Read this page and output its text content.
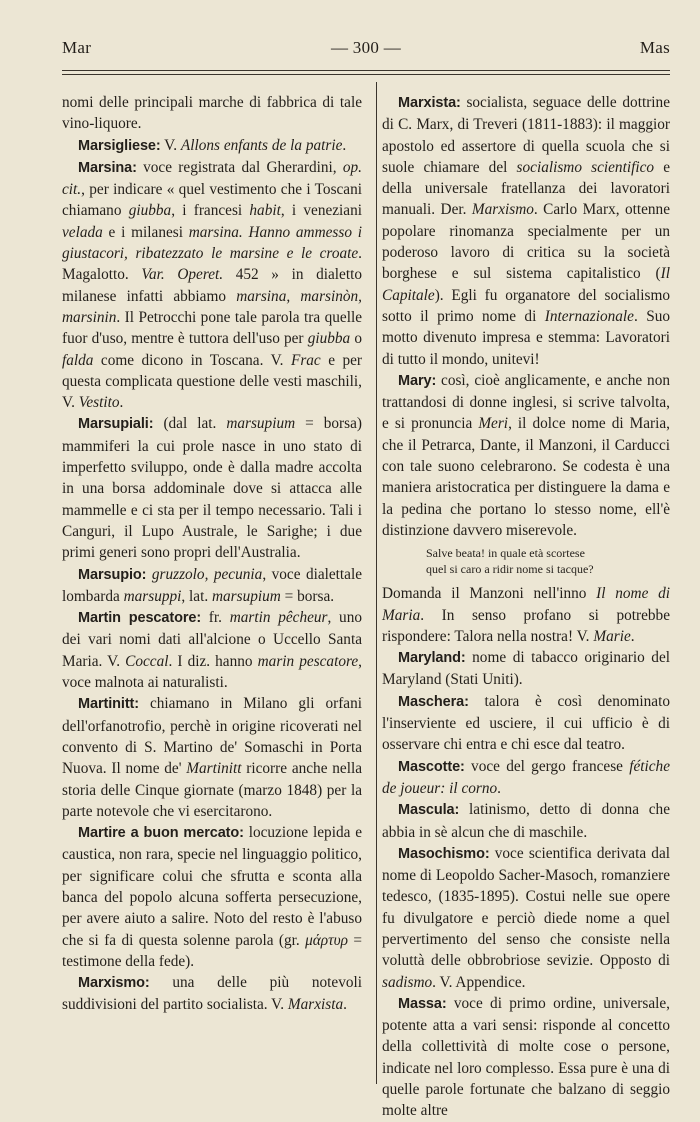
Mar	— 300 —	Mas

nomi delle principali marche di fabbrica di tale vino-liquore.

Marsigliese: V. Allons enfants de la patrie.

Marsina: voce registrata dal Gherardini, op. cit., per indicare « quel vestimento che i Toscani chiamano giubba, i francesi habit, i veneziani velada e i milanesi marsina. Hanno ammesso i giustacori, ribatezzato le marsine e le croate. Magalotto. Var. Operet. 452 » in dialetto milanese infatti abbiamo marsina, marsinòn, marsinin. Il Petrocchi pone tale parola tra quelle fuor d'uso, mentre è tuttora dell'uso per giubba o falda come dicono in Toscana. V. Frac e per questa complicata questione delle vesti maschili, V. Vestito.

Marsupiali: (dal lat. marsupium = borsa) mammiferi la cui prole nasce in uno stato di imperfetto sviluppo, onde è dalla madre accolta in una borsa addominale dove si attacca alle mammelle e ci sta per il tempo necessario. Tali i Canguri, il Lupo Australe, le Sarighe; i due primi generi sono propri dell'Australia.

Marsupio: gruzzolo, pecunia, voce dialettale lombarda marsuppi, lat. marsupium = borsa.

Martin pescatore: fr. martin pêcheur, uno dei vari nomi dati all'alcione o Uccello Santa Maria. V. Coccal. I diz. hanno marin pescatore, voce malnota ai naturalisti.

Martinitt: chiamano in Milano gli orfani dell'orfanotrofio, perchè in origine ricoverati nel convento di S. Martino de' Somaschi in Porta Nuova. Il nome de' Martinitt ricorre anche nella storia delle Cinque giornate (marzo 1848) per la parte notevole che vi esercitarono.

Martire a buon mercato: locuzione lepida e caustica, non rara, specie nel linguaggio politico, per significare colui che sfrutta e sconta alla banca del popolo alcuna sofferta persecuzione, per avere aiuto a salire. Noto del resto è l'abuso che si fa di questa solenne parola (gr. μάρτυρ = testimone della fede).

Marxismo: una delle più notevoli suddivisioni del partito socialista. V. Marxista.

Marxista: socialista, seguace delle dottrine di C. Marx, di Treveri (1811-1883): il maggior apostolo ed assertore di quella scuola che si suole chiamare del socialismo scientifico e della universale fratellanza dei lavoratori manuali. Der. Marxismo. Carlo Marx, ottenne popolare rinomanza specialmente per un poderoso lavoro di critica su la società borghese e sul sistema capitalistico (Il Capitale). Egli fu organatore del socialismo sotto il primo nome di Internazionale. Suo motto divenuto impresa e stemma: Lavoratori di tutto il mondo, unitevi!

Mary: così, cioè anglicamente, e anche non trattandosi di donne inglesi, si scrive talvolta, e si pronuncia Meri, il dolce nome di Maria, che il Petrarca, Dante, il Manzoni, il Carducci con tale suono celebrarono. Se codesta è una maniera aristocratica per distinguere la dama e la pedina che portano lo stesso nome, ell'è distinzione davvero miserevole.

Salve beata! in quale età scortese
quel si caro a ridir nome si tacque?

Domanda il Manzoni nell'inno Il nome di Maria. In senso profano si potrebbe rispondere: Talora nella nostra! V. Marie.

Maryland: nome di tabacco originario del Maryland (Stati Uniti).

Maschera: talora è così denominato l'inserviente ed usciere, il cui ufficio è di osservare chi entra e chi esce dal teatro.

Mascotte: voce del gergo francese fétiche de joueur: il corno.

Mascula: latinismo, detto di donna che abbia in sè alcun che di maschile.

Masochismo: voce scientifica derivata dal nome di Leopoldo Sacher-Masoch, romanziere tedesco, (1835-1895). Costui nelle sue opere fu divulgatore e perciò diede nome a quel pervertimento del senso che consiste nella voluttà delle obbrobriose sevizie. Opposto di sadismo. V. Appendice.

Massa: voce di primo ordine, universale, potente atta a vari sensi: risponde al concetto della collettività di molte cose o persone, indicate nel loro complesso. Essa pure è una di quelle parole fortunate che balzano di seggio molte altre
